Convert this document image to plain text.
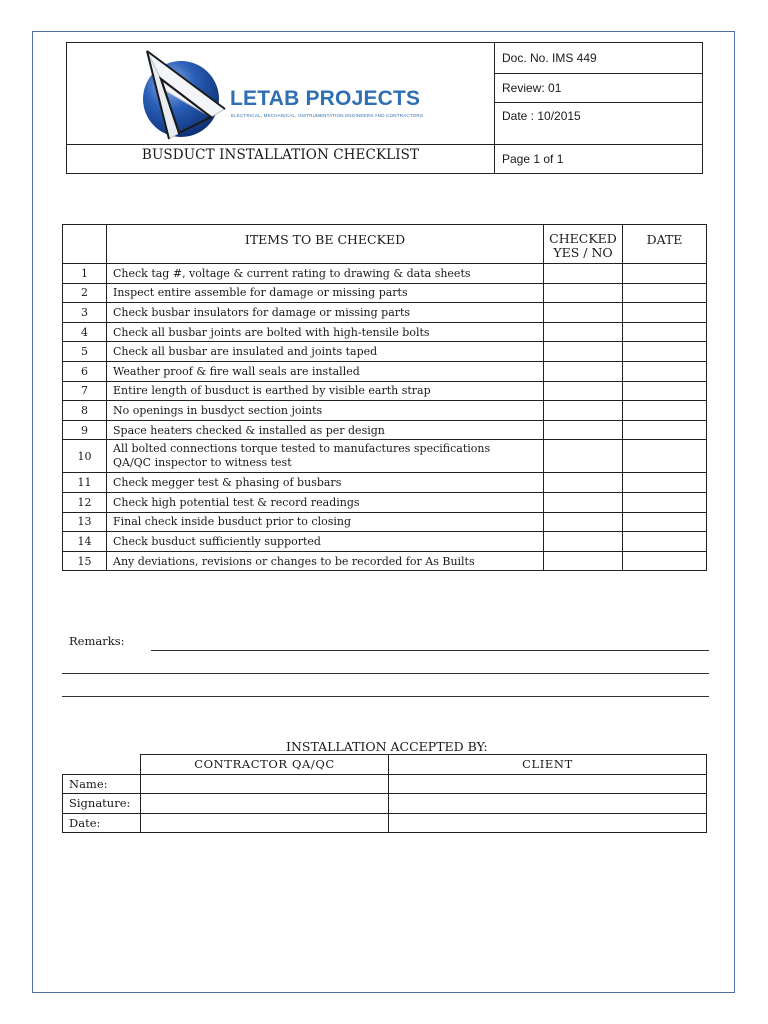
LETAB PROJECTS
ELECTRICAL, MECHANICAL, INSTRUMENTATION ENGINEERS AND CONTRACTORS
BUSDUCT INSTALLATION CHECKLIST
Doc. No. IMS 449
Review: 01
Date : 10/2015
Page 1 of 1
	ITEMS TO BE CHECKED	CHECKED
YES / NO	DATE
1	Check tag #, voltage & current rating to drawing & data sheets		

2	Inspect entire assemble for damage or missing parts		

3	Check busbar insulators for damage or missing parts		

4	Check all busbar joints are bolted with high-tensile bolts		

5	Check all busbar are insulated and joints taped		

6	Weather proof & fire wall seals are installed		

7	Entire length of busduct is earthed by visible earth strap		

8	No openings in busdyct section joints		

9	Space heaters checked & installed as per design		

10	All bolted connections torque tested to manufactures specifications
QA/QC inspector to witness test		

11	Check megger test & phasing of busbars		

12	Check high potential test & record readings		

13	Final check inside busduct prior to closing		

14	Check busduct sufficiently supported		

15	Any deviations, revisions or changes to be recorded for As Builts		

Remarks:
INSTALLATION ACCEPTED BY:
	CONTRACTOR QA/QC	CLIENT
Name:		
Signature:		
Date:		
